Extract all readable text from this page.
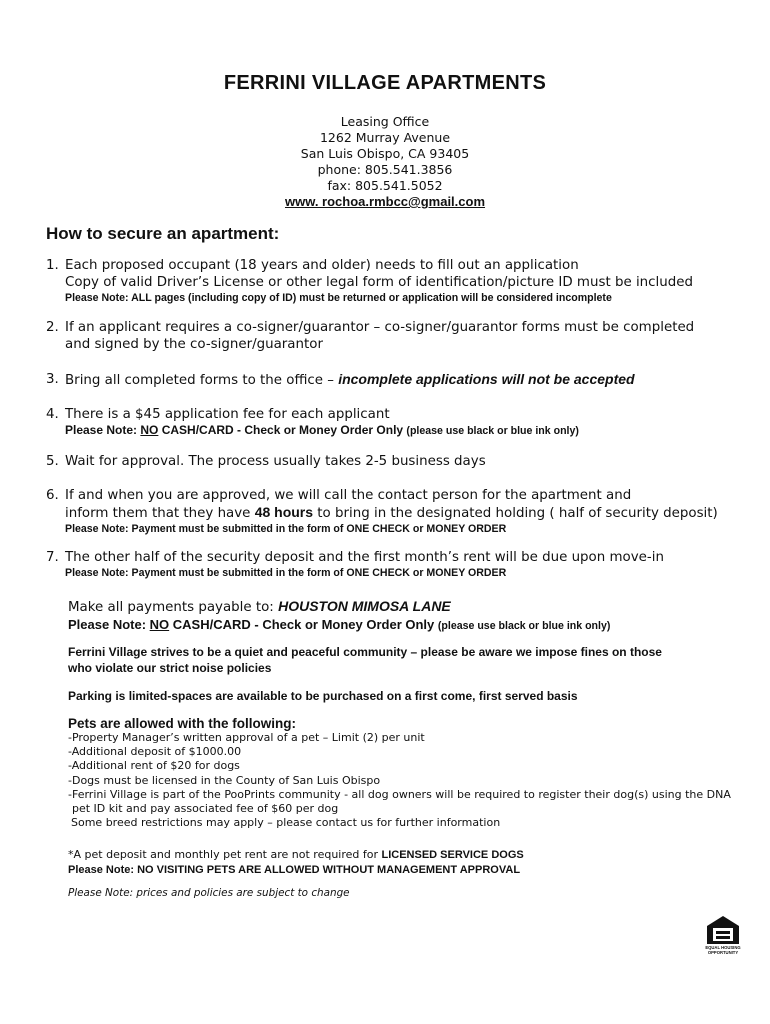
FERRINI VILLAGE APARTMENTS
Leasing Office
1262 Murray Avenue
San Luis Obispo, CA 93405
phone: 805.541.3856
fax: 805.541.5052
www. rochoa.rmbcc@gmail.com
How to secure an apartment:
1. Each proposed occupant (18 years and older) needs to fill out an application
Copy of valid Driver’s License or other legal form of identification/picture ID must be included
Please Note: ALL pages (including copy of ID) must be returned or application will be considered incomplete
2. If an applicant requires a co-signer/guarantor – co-signer/guarantor forms must be completed
and signed by the co-signer/guarantor
3. Bring all completed forms to the office – incomplete applications will not be accepted
4. There is a $45 application fee for each applicant
Please Note: NO CASH/CARD - Check or Money Order Only (please use black or blue ink only)
5. Wait for approval. The process usually takes 2-5 business days
6. If and when you are approved, we will call the contact person for the apartment and
inform them that they have 48 hours to bring in the designated holding ( half of security deposit)
Please Note: Payment must be submitted in the form of ONE CHECK or MONEY ORDER
7. The other half of the security deposit and the first month’s rent will be due upon move-in
Please Note: Payment must be submitted in the form of ONE CHECK or MONEY ORDER
Make all payments payable to: HOUSTON MIMOSA LANE
Please Note: NO CASH/CARD - Check or Money Order Only (please use black or blue ink only)
Ferrini Village strives to be a quiet and peaceful community – please be aware we impose fines on those
who violate our strict noise policies
Parking is limited-spaces are available to be purchased on a first come, first served basis
Pets are allowed with the following:
-Property Manager’s written approval of a pet – Limit (2) per unit
-Additional deposit of $1000.00
-Additional rent of $20 for dogs
-Dogs must be licensed in the County of San Luis Obispo
-Ferrini Village is part of the PooPrints community - all dog owners will be required to register their dog(s) using the DNA
pet ID kit and pay associated fee of $60 per dog
Some breed restrictions may apply – please contact us for further information
*A pet deposit and monthly pet rent are not required for LICENSED SERVICE DOGS
Please Note: NO VISITING PETS ARE ALLOWED WITHOUT MANAGEMENT APPROVAL
Please Note: prices and policies are subject to change
EQUAL HOUSING
OPPORTUNITY
